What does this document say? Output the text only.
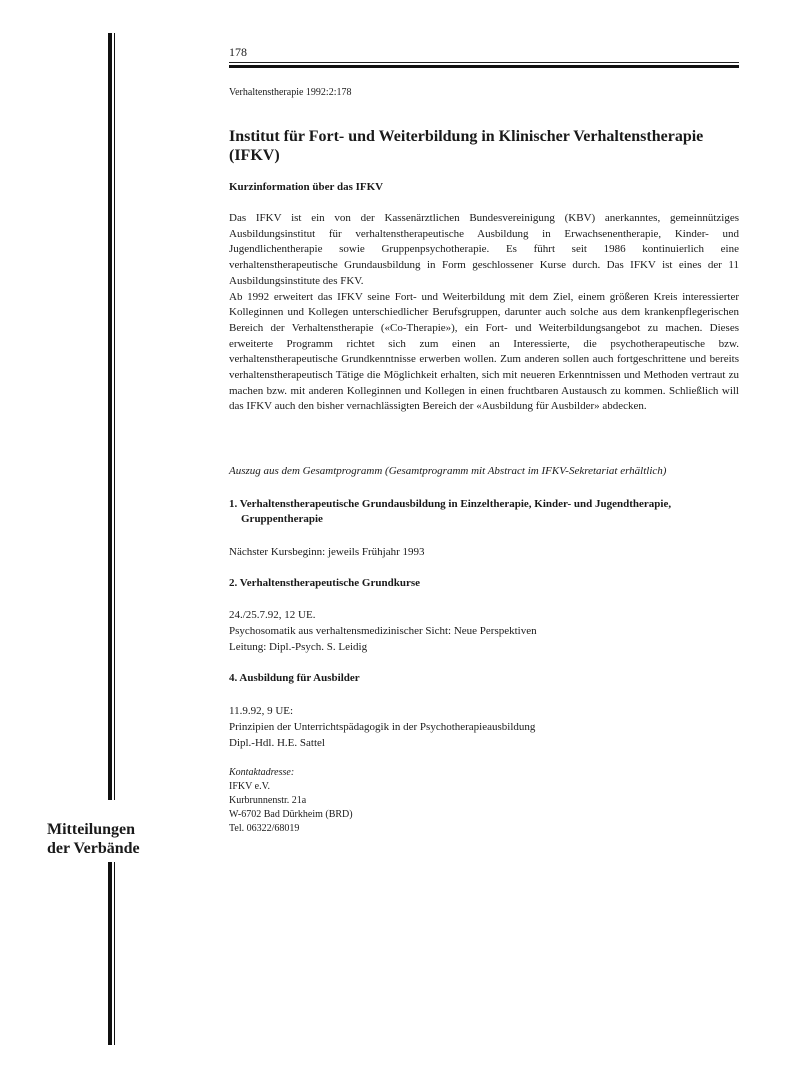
178
Verhaltenstherapie 1992:2:178
Institut für Fort- und Weiterbildung in Klinischer Verhaltenstherapie
(IFKV)
Kurzinformation über das IFKV

Das IFKV ist ein von der Kassenärztlichen Bundesvereinigung (KBV) anerkanntes, gemeinnütziges Ausbildungsinstitut für verhaltenstherapeutische Ausbildung in Erwachsenentherapie, Kinder- und Jugendlichentherapie sowie Gruppenpsychotherapie. Es führt seit 1986 kontinuierlich eine verhaltenstherapeutische Grundausbildung in Form geschlossener Kurse durch. Das IFKV ist eines der 11 Ausbildungsinstitute des FKV.

Ab 1992 erweitert das IFKV seine Fort- und Weiterbildung mit dem Ziel, einem größeren Kreis interessierter Kolleginnen und Kollegen unterschiedlicher Berufsgruppen, darunter auch solche aus dem krankenpflegerischen Bereich der Verhaltenstherapie («Co-Therapie»), ein Fort- und Weiterbildungsangebot zu machen. Dieses erweiterte Programm richtet sich zum einen an Interessierte, die psychotherapeutische bzw. verhaltenstherapeutische Grundkenntnisse erwerben wollen. Zum anderen sollen auch fortgeschrittene und bereits verhaltenstherapeutisch Tätige die Möglichkeit erhalten, sich mit neueren Erkenntnissen und Methoden vertraut zu machen bzw. mit anderen Kolleginnen und Kollegen in einen fruchtbaren Austausch zu kommen. Schließlich will das IFKV auch den bisher vernachlässigten Bereich der «Ausbildung für Ausbilder» abdecken.

Auszug aus dem Gesamtprogramm (Gesamtprogramm mit Abstract im IFKV-Sekretariat erhältlich)
1. Verhaltenstherapeutische Grundausbildung in Einzeltherapie, Kinder- und Jugendtherapie,
Gruppentherapie
Nächster Kursbeginn: jeweils Frühjahr 1993
2. Verhaltenstherapeutische Grundkurse
24./25.7.92, 12 UE.
Psychosomatik aus verhaltensmedizinischer Sicht: Neue Perspektiven
Leitung: Dipl.-Psych. S. Leidig
4. Ausbildung für Ausbilder
11.9.92, 9 UE:
Prinzipien der Unterrichtspädagogik in der Psychotherapieausbildung
Dipl.-Hdl. H.E. Sattel
Kontaktadresse:
IFKV e.V.
Kurbrunnenstr. 21a
W-6702 Bad Dürkheim (BRD)
Tel. 06322/68019
Mitteilungen
der Verbände
